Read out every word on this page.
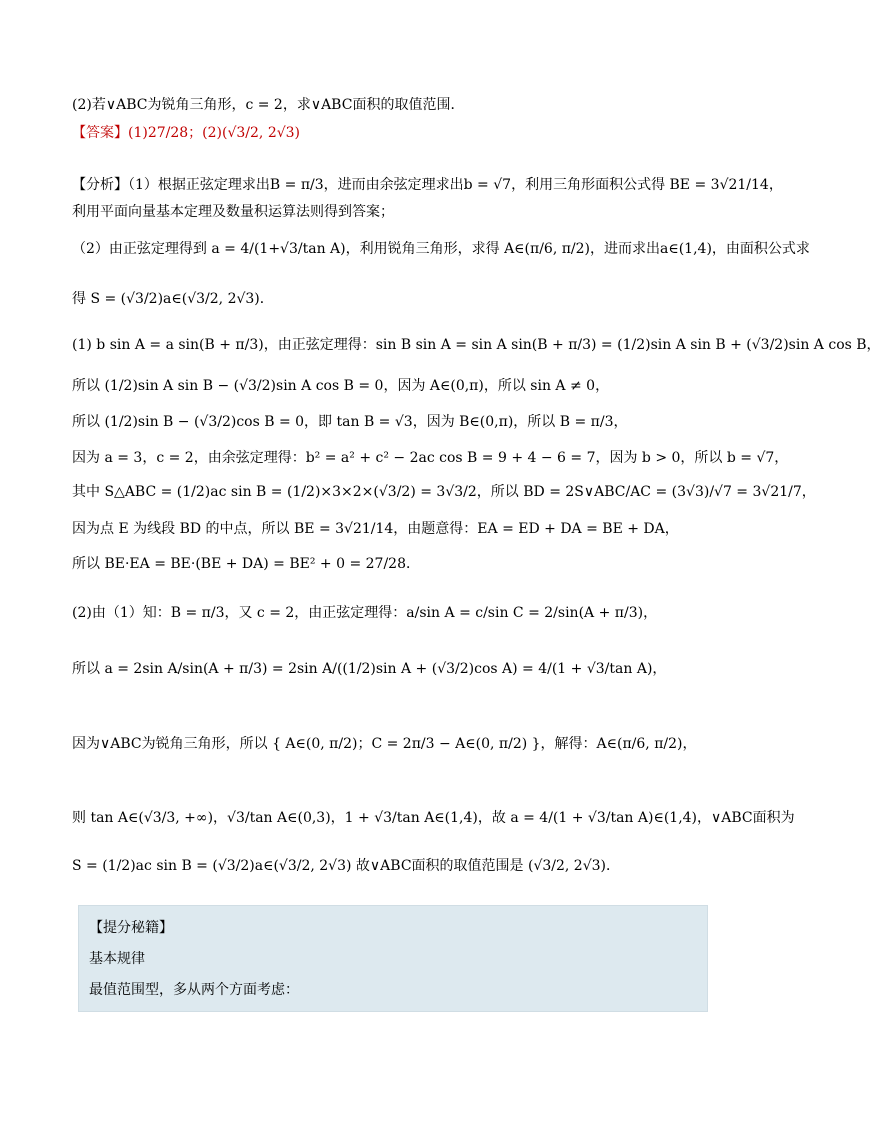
(2)若∨ABC为锐角三角形，c = 2，求∨ABC面积的取值范围．
【答案】(1)27/28；(2)(√3/2, 2√3)
【分析】（1）根据正弦定理求出B = π/3，进而由余弦定理求出b = √7，利用三角形面积公式得 BE = 3√21/14，
利用平面向量基本定理及数量积运算法则得到答案；
（2）由正弦定理得到 a = 4/(1+√3/tan A)，利用锐角三角形，求得 A∈(π/6, π/2)，进而求出a∈(1,4)，由面积公式求
得 S = (√3/2)a∈(√3/2, 2√3)．
(1) b sin A = a sin(B + π/3)，由正弦定理得：sin B sin A = sin A sin(B + π/3) = (1/2)sin A sin B + (√3/2)sin A cos B，
所以 (1/2)sin A sin B − (√3/2)sin A cos B = 0，因为 A∈(0,π)，所以 sin A ≠ 0，
所以 (1/2)sin B − (√3/2)cos B = 0，即 tan B = √3，因为 B∈(0,π)，所以 B = π/3，
因为 a = 3，c = 2，由余弦定理得：b² = a² + c² − 2ac cos B = 9 + 4 − 6 = 7，因为 b > 0，所以 b = √7，
其中 S△ABC = (1/2)ac sin B = (1/2)×3×2×(√3/2) = 3√3/2，所以 BD = 2S∨ABC/AC = (3√3)/√7 = 3√21/7，
因为点 E 为线段 BD 的中点，所以 BE = 3√21/14，由题意得：EA = ED + DA = BE + DA，
所以 BE·EA = BE·(BE + DA) = BE² + 0 = 27/28．
(2)由（1）知：B = π/3，又 c = 2，由正弦定理得：a/sin A = c/sin C = 2/sin(A + π/3)，
所以 a = 2sin A/sin(A + π/3) = 2sin A/((1/2)sin A + (√3/2)cos A) = 4/(1 + √3/tan A)，
因为∨ABC为锐角三角形，所以 { A∈(0, π/2)；C = 2π/3 − A∈(0, π/2) }，解得：A∈(π/6, π/2)，
则 tan A∈(√3/3, +∞)，√3/tan A∈(0,3)，1 + √3/tan A∈(1,4)，故 a = 4/(1 + √3/tan A)∈(1,4)，∨ABC面积为
S = (1/2)ac sin B = (√3/2)a∈(√3/2, 2√3) 故∨ABC面积的取值范围是 (√3/2, 2√3)．
【提分秘籍】
基本规律
最值范围型，多从两个方面考虑：
